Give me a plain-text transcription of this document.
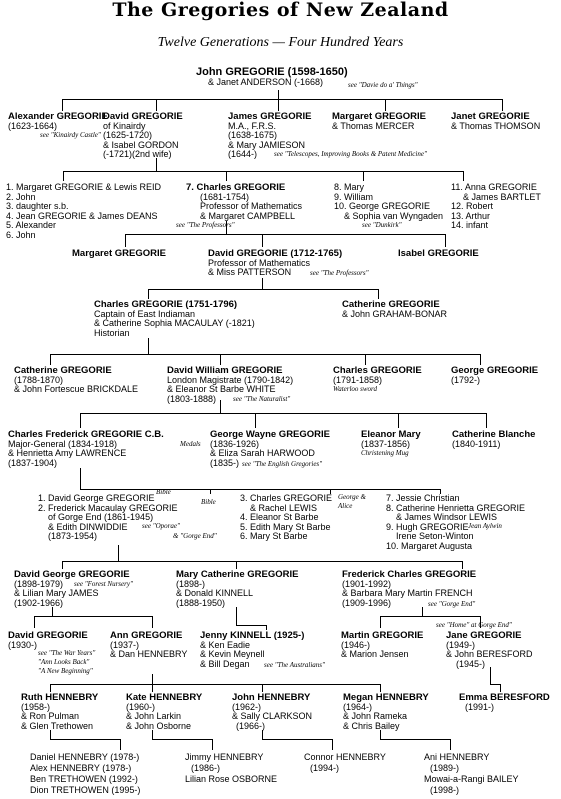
The Gregories of New Zealand
Twelve Generations — Four Hundred Years
John GREGORIE (1598-1650)
& Janet ANDERSON (-1668)	see "Davie do a' Things"
Alexander GREGORIE
(1623-1664)
see "Kinairdy Castle"
David GREGORIE
of Kinairdy
(1625-1720)
& Isabel GORDON
(-1721)(2nd wife)
James GREGORIE
M.A., F.R.S.
(1638-1675)
& Mary JAMIESON
(1644-)	see "Telescopes, Improving Books & Patent Medicine"
Margaret GREGORIE
& Thomas MERCER
Janet GREGORIE
& Thomas THOMSON
1. Margaret GREGORIE & Lewis REID
2. John
3. daughter s.b.
4. Jean GREGORIE & James DEANS
5. Alexander
6. John
7. Charles GREGORIE
(1681-1754)
Professor of Mathematics
& Margaret CAMPBELL
see "The Professors"
8. Mary
9. William
10. George GREGORIE
& Sophia van Wyngaden
see "Dunkirk"
11. Anna GREGORIE
& James BARTLET
12. Robert
13. Arthur
14. infant
Margaret GREGORIE	David GREGORIE (1712-1765)
Professor of Mathematics
& Miss PATTERSON	see "The Professors"
Isabel GREGORIE
Charles GREGORIE (1751-1796)
Captain of East Indiaman
& Catherine Sophia MACAULAY (-1821)
Historian
Catherine GREGORIE
& John GRAHAM-BONAR
Catherine GREGORIE
(1788-1870)
& John Fortescue BRICKDALE
David William GREGORIE
London Magistrate (1790-1842)
& Eleanor St Barbe WHITE
(1803-1888)	see "The Naturalist"
Charles GREGORIE
(1791-1858)
Waterloo sword
George GREGORIE
(1792-)
Charles Frederick GREGORIE C.B.
Major-General (1834-1918)
& Henrietta Amy LAWRENCE
(1837-1904)
Medals
George Wayne GREGORIE
(1836-1926)
& Eliza Sarah HARWOOD
(1835-) see "The English Gregories"
Eleanor Mary
(1837-1856)
Christening Mug
Catherine Blanche
(1840-1911)
1. David George GREGORIE
2. Frederick Macaulay GREGORIE
of Gorge End (1861-1945)
& Edith DINWIDDIE
(1873-1954)
Bible
Bible
see "Oporae"
& "Gorge End"
3. Charles GREGORIE
& Rachel LEWIS
4. Eleanor St Barbe
5. Edith Mary St Barbe
6. Mary St Barbe
George & Alice
7. Jessie Christian
8. Catherine Henrietta GREGORIE
& James Windsor LEWIS
9. Hugh GREGORIE
Irene Seton-Winton
10. Margaret Augusta
Jean Aylwin
David George GREGORIE
(1898-1979)
& Lilian Mary JAMES
(1902-1966)
see "Forest Nursery"
Mary Catherine GREGORIE
(1898-)
& Donald KINNELL
(1888-1950)
Frederick Charles GREGORIE
(1901-1992)
& Barbara Mary Martin FRENCH
(1909-1996)	see "Gorge End"
see "Home" at Gorge End"
David GREGORIE
(1930-)
see "The War Years"
"Ann Looks Back"
"A New Beginning"
Ann GREGORIE
(1937-)
& Dan HENNEBRY
Jenny KINNELL (1925-)
& Ken Eadie
& Kevin Meynell
& Bill Degan	see "The Australians"
Martin GREGORIE
(1946-)
& Marion Jensen
Jane GREGORIE
(1949-)
& John BERESFORD
(1945-)
Ruth HENNEBRY
(1958-)
& Ron Pulman
& Glen Trethowen
Kate HENNEBRY
(1960-)
& John Larkin
& John Osborne
John HENNEBRY
(1962-)
& Sally CLARKSON
(1966-)
Megan HENNEBRY
(1964-)
& John Rameka
& Chris Bailey
Emma BERESFORD
(1991-)
Daniel HENNEBRY (1978-)
Alex HENNEBRY (1978-)
Ben TRETHOWEN (1992-)
Dion TRETHOWEN (1995-)
Jimmy HENNEBRY
(1986-)
Lilian Rose OSBORNE
Connor HENNEBRY
(1994-)
Ani HENNEBRY
(1989-)
Mowai-a-Rangi BAILEY
(1998-)
